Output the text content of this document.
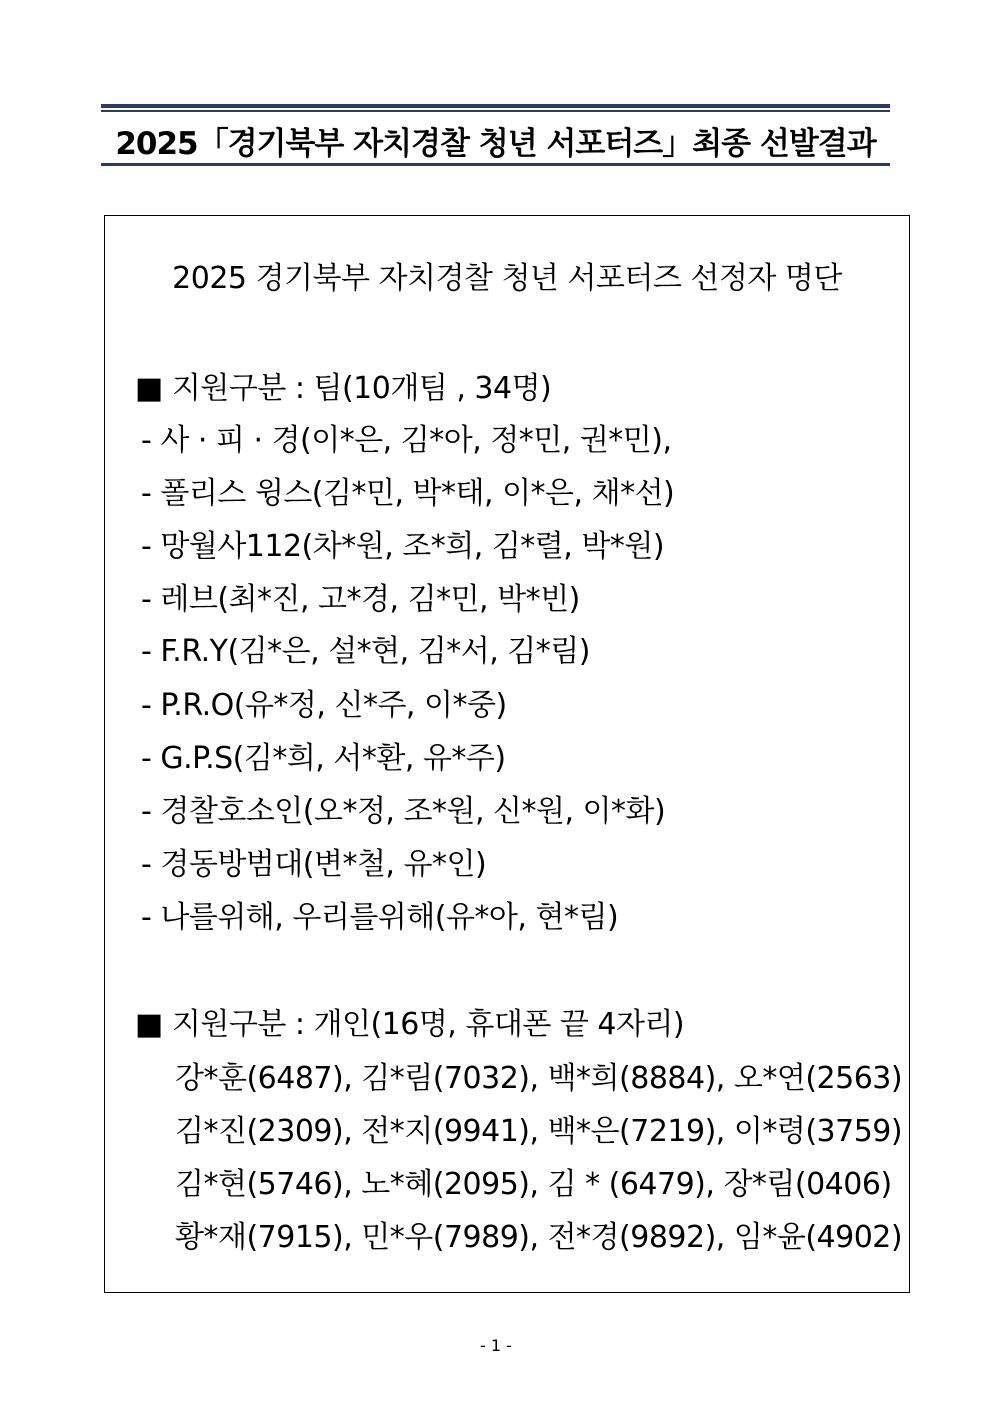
2025「경기북부 자치경찰 청년 서포터즈」최종 선발결과
2025 경기북부 자치경찰 청년 서포터즈 선정자 명단
■ 지원구분 : 팀(10개팀 , 34명)
- 사 · 피 · 경(이*은, 김*아, 정*민, 권*민),
- 폴리스 윙스(김*민, 박*태, 이*은, 채*선)
- 망월사112(차*원, 조*희, 김*렬, 박*원)
- 레브(최*진, 고*경, 김*민, 박*빈)
- F.R.Y(김*은, 설*현, 김*서, 김*림)
- P.R.O(유*정, 신*주, 이*중)
- G.P.S(김*희, 서*환, 유*주)
- 경찰호소인(오*정, 조*원, 신*원, 이*화)
- 경동방범대(변*철, 유*인)
- 나를위해, 우리를위해(유*아, 현*림)
■ 지원구분 : 개인(16명, 휴대폰 끝 4자리)
강*훈(6487), 김*림(7032), 백*희(8884), 오*연(2563)
김*진(2309), 전*지(9941), 백*은(7219), 이*령(3759)
김*현(5746), 노*혜(2095), 김 * (6479), 장*림(0406)
황*재(7915), 민*우(7989), 전*경(9892), 임*윤(4902)
- 1 -
